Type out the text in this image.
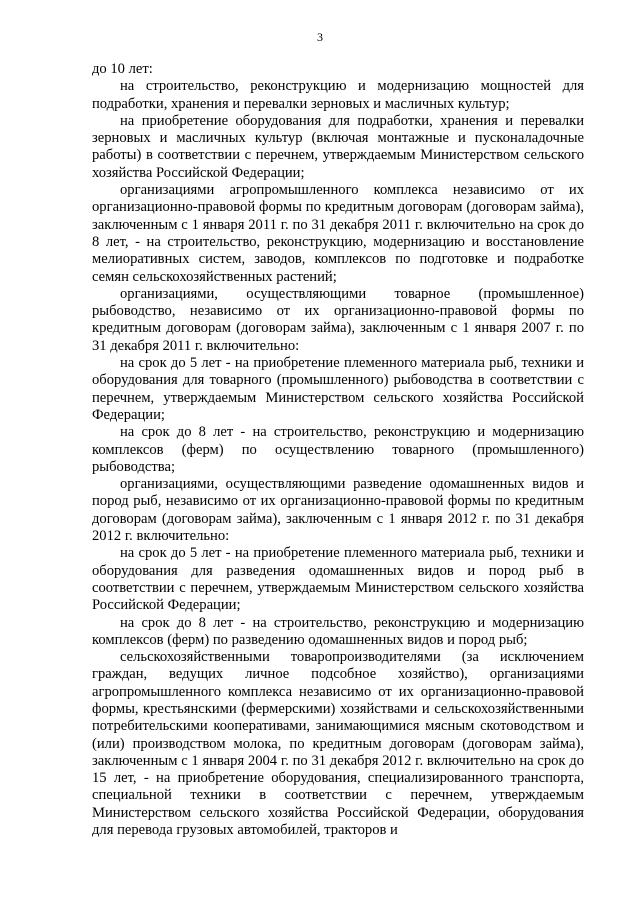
3

до 10 лет:

на строительство, реконструкцию и модернизацию мощностей для подработки, хранения и перевалки зерновых и масличных культур;

на приобретение оборудования для подработки, хранения и перевалки зерновых и масличных культур (включая монтажные и пусконаладочные работы) в соответствии с перечнем, утверждаемым Министерством сельского хозяйства Российской Федерации;

организациями агропромышленного комплекса независимо от их организационно-правовой формы по кредитным договорам (договорам займа), заключенным с 1 января 2011 г. по 31 декабря 2011 г. включительно на срок до 8 лет, - на строительство, реконструкцию, модернизацию и восстановление мелиоративных систем, заводов, комплексов по подготовке и подработке семян сельскохозяйственных растений;

организациями, осуществляющими товарное (промышленное) рыбоводство, независимо от их организационно-правовой формы по кредитным договорам (договорам займа), заключенным с 1 января 2007 г. по 31 декабря 2011 г. включительно:

на срок до 5 лет - на приобретение племенного материала рыб, техники и оборудования для товарного (промышленного) рыбоводства в соответствии с перечнем, утверждаемым Министерством сельского хозяйства Российской Федерации;

на срок до 8 лет - на строительство, реконструкцию и модернизацию комплексов (ферм) по осуществлению товарного (промышленного) рыбоводства;

организациями, осуществляющими разведение одомашненных видов и пород рыб, независимо от их организационно-правовой формы по кредитным договорам (договорам займа), заключенным с 1 января 2012 г. по 31 декабря 2012 г. включительно:

на срок до 5 лет - на приобретение племенного материала рыб, техники и оборудования для разведения одомашненных видов и пород рыб в соответствии с перечнем, утверждаемым Министерством сельского хозяйства Российской Федерации;

на срок до 8 лет - на строительство, реконструкцию и модернизацию комплексов (ферм) по разведению одомашненных видов и пород рыб;

сельскохозяйственными товаропроизводителями (за исключением граждан, ведущих личное подсобное хозяйство), организациями агропромышленного комплекса независимо от их организационно-правовой формы, крестьянскими (фермерскими) хозяйствами и сельскохозяйственными потребительскими кооперативами, занимающимися мясным скотоводством и (или) производством молока, по кредитным договорам (договорам займа), заключенным с 1 января 2004 г. по 31 декабря 2012 г. включительно на срок до 15 лет, - на приобретение оборудования, специализированного транспорта, специальной техники в соответствии с перечнем, утверждаемым Министерством сельского хозяйства Российской Федерации, оборудования для перевода грузовых автомобилей, тракторов и
